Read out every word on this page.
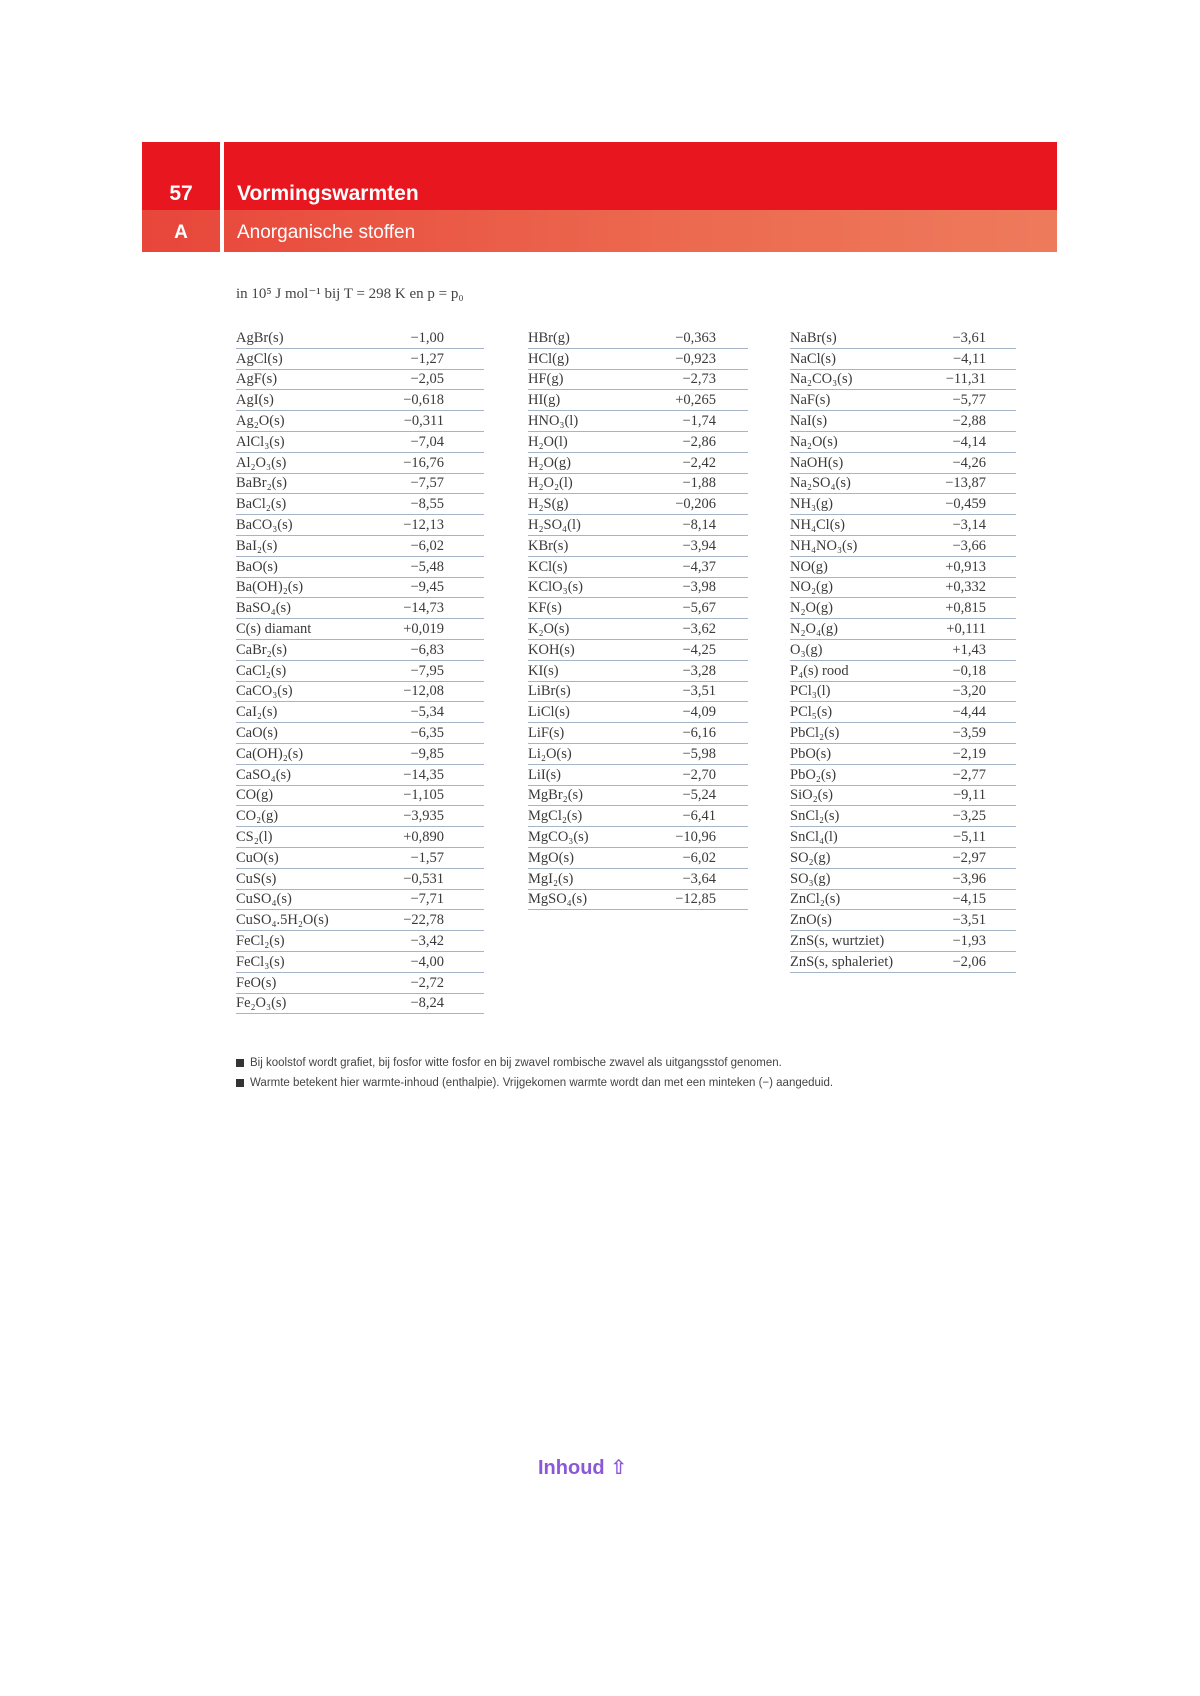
57	Vormingswarmten
A	Anorganische stoffen
in 10⁵ J mol⁻¹ bij T = 298 K en p = p₀
AgBr(s)	−1,00
AgCl(s)	−1,27
AgF(s)	−2,05
AgI(s)	−0,618
Ag₂O(s)	−0,311
AlCl₃(s)	−7,04
Al₂O₃(s)	−16,76
BaBr₂(s)	−7,57
BaCl₂(s)	−8,55
BaCO₃(s)	−12,13
BaI₂(s)	−6,02
BaO(s)	−5,48
Ba(OH)₂(s)	−9,45
BaSO₄(s)	−14,73
C(s) diamant	+0,019
CaBr₂(s)	−6,83
CaCl₂(s)	−7,95
CaCO₃(s)	−12,08
CaI₂(s)	−5,34
CaO(s)	−6,35
Ca(OH)₂(s)	−9,85
CaSO₄(s)	−14,35
CO(g)	−1,105
CO₂(g)	−3,935
CS₂(l)	+0,890
CuO(s)	−1,57
CuS(s)	−0,531
CuSO₄(s)	−7,71
CuSO₄.5H₂O(s)	−22,78
FeCl₂(s)	−3,42
FeCl₃(s)	−4,00
FeO(s)	−2,72
Fe₂O₃(s)	−8,24
HBr(g)	−0,363
HCl(g)	−0,923
HF(g)	−2,73
HI(g)	+0,265
HNO₃(l)	−1,74
H₂O(l)	−2,86
H₂O(g)	−2,42
H₂O₂(l)	−1,88
H₂S(g)	−0,206
H₂SO₄(l)	−8,14
KBr(s)	−3,94
KCl(s)	−4,37
KClO₃(s)	−3,98
KF(s)	−5,67
K₂O(s)	−3,62
KOH(s)	−4,25
KI(s)	−3,28
LiBr(s)	−3,51
LiCl(s)	−4,09
LiF(s)	−6,16
Li₂O(s)	−5,98
LiI(s)	−2,70
MgBr₂(s)	−5,24
MgCl₂(s)	−6,41
MgCO₃(s)	−10,96
MgO(s)	−6,02
MgI₂(s)	−3,64
MgSO₄(s)	−12,85
NaBr(s)	−3,61
NaCl(s)	−4,11
Na₂CO₃(s)	−11,31
NaF(s)	−5,77
NaI(s)	−2,88
Na₂O(s)	−4,14
NaOH(s)	−4,26
Na₂SO₄(s)	−13,87
NH₃(g)	−0,459
NH₄Cl(s)	−3,14
NH₄NO₃(s)	−3,66
NO(g)	+0,913
NO₂(g)	+0,332
N₂O(g)	+0,815
N₂O₄(g)	+0,111
O₃(g)	+1,43
P₄(s) rood	−0,18
PCl₃(l)	−3,20
PCl₅(s)	−4,44
PbCl₂(s)	−3,59
PbO(s)	−2,19
PbO₂(s)	−2,77
SiO₂(s)	−9,11
SnCl₂(s)	−3,25
SnCl₄(l)	−5,11
SO₂(g)	−2,97
SO₃(g)	−3,96
ZnCl₂(s)	−4,15
ZnO(s)	−3,51
ZnS(s, wurtziet)	−1,93
ZnS(s, sphaleriet)	−2,06
Bij koolstof wordt grafiet, bij fosfor witte fosfor en bij zwavel rombische zwavel als uitgangsstof genomen.
Warmte betekent hier warmte-inhoud (enthalpie). Vrijgekomen warmte wordt dan met een minteken (−) aangeduid.
Inhoud ⇧
